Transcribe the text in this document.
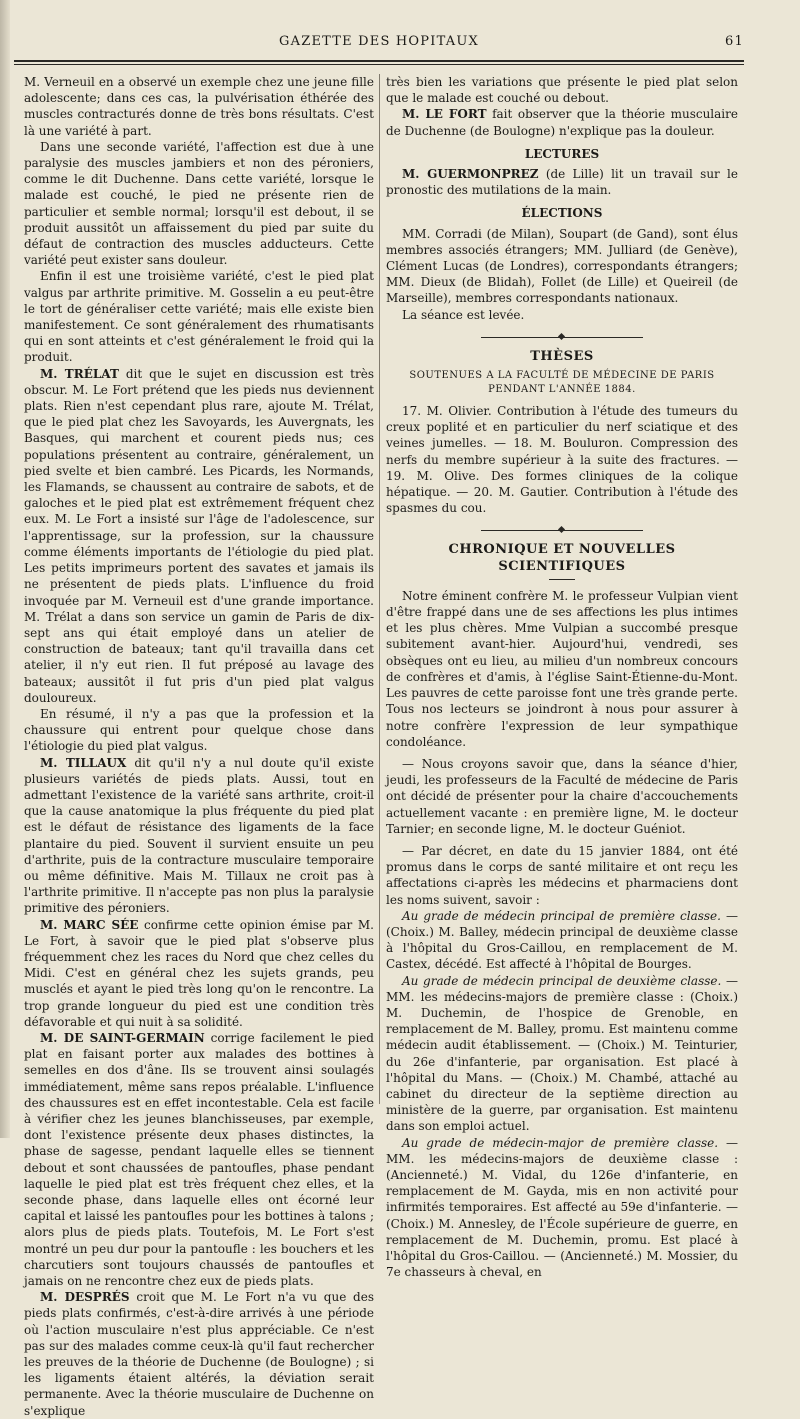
GAZETTE DES HOPITAUX	61

M. Verneuil en a observé un exemple chez une jeune fille adolescente; dans ces cas, la pulvérisation éthérée des muscles contracturés donne de très bons résultats. C'est là une variété à part.

Dans une seconde variété, l'affection est due à une paralysie des muscles jambiers et non des péroniers, comme le dit Duchenne. Dans cette variété, lorsque le malade est couché, le pied ne présente rien de particulier et semble normal; lorsqu'il est debout, il se produit aussitôt un affaissement du pied par suite du défaut de contraction des muscles adducteurs. Cette variété peut exister sans douleur.

Enfin il est une troisième variété, c'est le pied plat valgus par arthrite primitive. M. Gosselin a eu peut-être le tort de généraliser cette variété; mais elle existe bien manifestement. Ce sont généralement des rhumatisants qui en sont atteints et c'est généralement le froid qui la produit.

M. TRÉLAT dit que le sujet en discussion est très obscur. M. Le Fort prétend que les pieds nus deviennent plats. Rien n'est cependant plus rare, ajoute M. Trélat, que le pied plat chez les Savoyards, les Auvergnats, les Basques, qui marchent et courent pieds nus; ces populations présentent au contraire, généralement, un pied svelte et bien cambré. Les Picards, les Normands, les Flamands, se chaussent au contraire de sabots, et de galoches et le pied plat est extrêmement fréquent chez eux. M. Le Fort a insisté sur l'âge de l'adolescence, sur l'apprentissage, sur la profession, sur la chaussure comme éléments importants de l'étiologie du pied plat. Les petits imprimeurs portent des savates et jamais ils ne présentent de pieds plats. L'influence du froid invoquée par M. Verneuil est d'une grande importance. M. Trélat a dans son service un gamin de Paris de dix-sept ans qui était employé dans un atelier de construction de bateaux; tant qu'il travailla dans cet atelier, il n'y eut rien. Il fut préposé au lavage des bateaux; aussitôt il fut pris d'un pied plat valgus douloureux.

En résumé, il n'y a pas que la profession et la chaussure qui entrent pour quelque chose dans l'étiologie du pied plat valgus.

M. TILLAUX dit qu'il n'y a nul doute qu'il existe plusieurs variétés de pieds plats. Aussi, tout en admettant l'existence de la variété sans arthrite, croit-il que la cause anatomique la plus fréquente du pied plat est le défaut de résistance des ligaments de la face plantaire du pied. Souvent il survient ensuite un peu d'arthrite, puis de la contracture musculaire temporaire ou même définitive. Mais M. Tillaux ne croit pas à l'arthrite primitive. Il n'accepte pas non plus la paralysie primitive des péroniers.

M. MARC SÉE confirme cette opinion émise par M. Le Fort, à savoir que le pied plat s'observe plus fréquemment chez les races du Nord que chez celles du Midi. C'est en général chez les sujets grands, peu musclés et ayant le pied très long qu'on le rencontre. La trop grande longueur du pied est une condition très défavorable et qui nuit à sa solidité.

M. DE SAINT-GERMAIN corrige facilement le pied plat en faisant porter aux malades des bottines à semelles en dos d'âne. Ils se trouvent ainsi soulagés immédiatement, même sans repos préalable. L'influence des chaussures est en effet incontestable. Cela est facile à vérifier chez les jeunes blanchisseuses, par exemple, dont l'existence présente deux phases distinctes, la phase de sagesse, pendant laquelle elles se tiennent debout et sont chaussées de pantoufles, phase pendant laquelle le pied plat est très fréquent chez elles, et la seconde phase, dans laquelle elles ont écorné leur capital et laissé les pantoufles pour les bottines à talons ; alors plus de pieds plats. Toutefois, M. Le Fort s'est montré un peu dur pour la pantoufle : les bouchers et les charcutiers sont toujours chaussés de pantoufles et jamais on ne rencontre chez eux de pieds plats.

M. DESPRÉS croit que M. Le Fort n'a vu que des pieds plats confirmés, c'est-à-dire arrivés à une période où l'action musculaire n'est plus appréciable. Ce n'est pas sur des malades comme ceux-là qu'il faut rechercher les preuves de la théorie de Duchenne (de Boulogne) ; si les ligaments étaient altérés, la déviation serait permanente. Avec la théorie musculaire de Duchenne on s'explique

très bien les variations que présente le pied plat selon que le malade est couché ou debout.

M. LE FORT fait observer que la théorie musculaire de Duchenne (de Boulogne) n'explique pas la douleur.

LECTURES

M. GUERMONPREZ (de Lille) lit un travail sur le pronostic des mutilations de la main.

ÉLECTIONS

MM. Corradi (de Milan), Soupart (de Gand), sont élus membres associés étrangers; MM. Julliard (de Genève), Clément Lucas (de Londres), correspondants étrangers; MM. Dieux (de Blidah), Follet (de Lille) et Queireil (de Marseille), membres correspondants nationaux.

La séance est levée.

THÈSES
SOUTENUES A LA FACULTÉ DE MÉDECINE DE PARIS
PENDANT L'ANNÉE 1884.

17. M. Olivier. Contribution à l'étude des tumeurs du creux poplité et en particulier du nerf sciatique et des veines jumelles. — 18. M. Bouluron. Compression des nerfs du membre supérieur à la suite des fractures. — 19. M. Olive. Des formes cliniques de la colique hépatique. — 20. M. Gautier. Contribution à l'étude des spasmes du cou.

CHRONIQUE ET NOUVELLES SCIENTIFIQUES

Notre éminent confrère M. le professeur Vulpian vient d'être frappé dans une de ses affections les plus intimes et les plus chères. Mme Vulpian a succombé presque subitement avant-hier. Aujourd'hui, vendredi, ses obsèques ont eu lieu, au milieu d'un nombreux concours de confrères et d'amis, à l'église Saint-Étienne-du-Mont. Les pauvres de cette paroisse font une très grande perte. Tous nos lecteurs se joindront à nous pour assurer à notre confrère l'expression de leur sympathique condoléance.

— Nous croyons savoir que, dans la séance d'hier, jeudi, les professeurs de la Faculté de médecine de Paris ont décidé de présenter pour la chaire d'accouchements actuellement vacante : en première ligne, M. le docteur Tarnier; en seconde ligne, M. le docteur Guéniot.

— Par décret, en date du 15 janvier 1884, ont été promus dans le corps de santé militaire et ont reçu les affectations ci-après les médecins et pharmaciens dont les noms suivent, savoir :

Au grade de médecin principal de première classe. — (Choix.) M. Balley, médecin principal de deuxième classe à l'hôpital du Gros-Caillou, en remplacement de M. Castex, décédé. Est affecté à l'hôpital de Bourges.

Au grade de médecin principal de deuxième classe. — MM. les médecins-majors de première classe : (Choix.) M. Duchemin, de l'hospice de Grenoble, en remplacement de M. Balley, promu. Est maintenu comme médecin audit établissement. — (Choix.) M. Teinturier, du 26e d'infanterie, par organisation. Est placé à l'hôpital du Mans. — (Choix.) M. Chambé, attaché au cabinet du directeur de la septième direction au ministère de la guerre, par organisation. Est maintenu dans son emploi actuel.

Au grade de médecin-major de première classe. — MM. les médecins-majors de deuxième classe : (Ancienneté.) M. Vidal, du 126e d'infanterie, en remplacement de M. Gayda, mis en non activité pour infirmités temporaires. Est affecté au 59e d'infanterie. — (Choix.) M. Annesley, de l'École supérieure de guerre, en remplacement de M. Duchemin, promu. Est placé à l'hôpital du Gros-Caillou. — (Ancienneté.) M. Mossier, du 7e chasseurs à cheval, en
